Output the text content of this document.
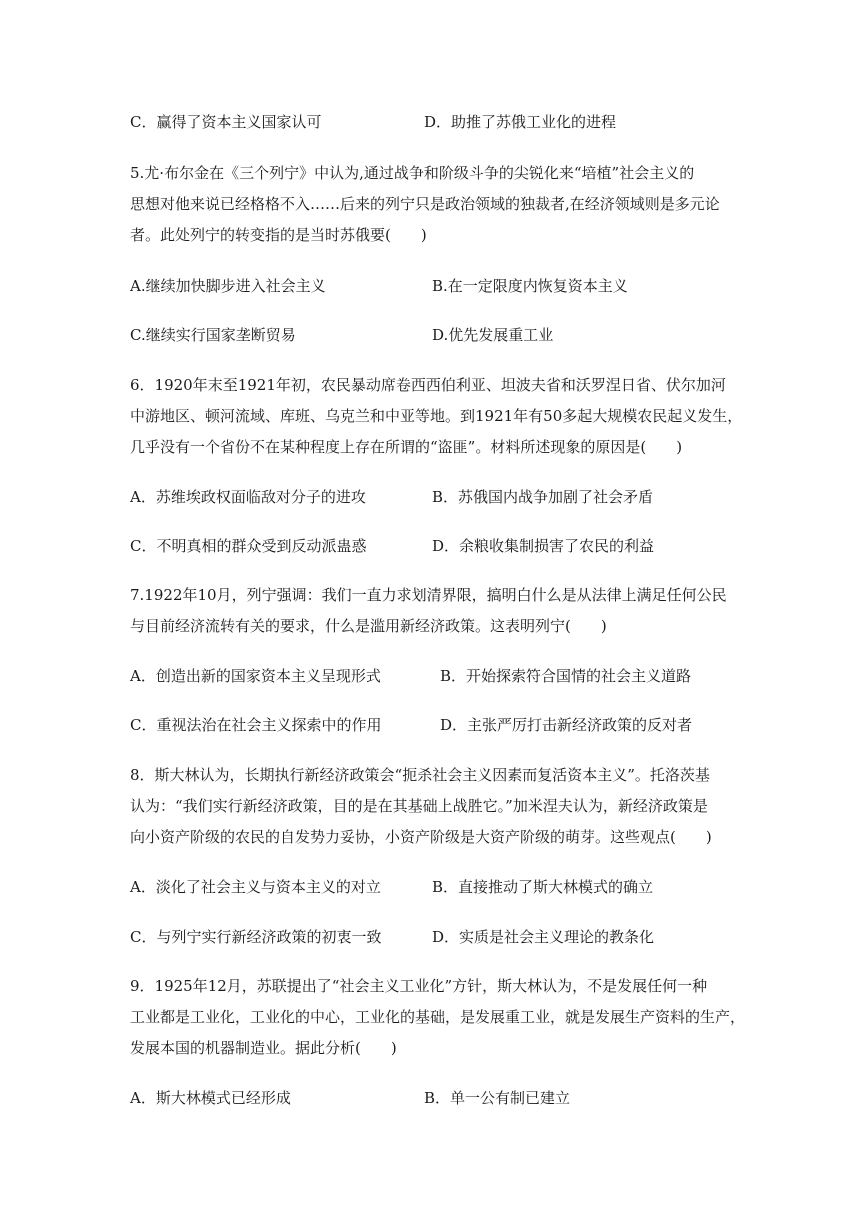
C．赢得了资本主义国家认可	D．助推了苏俄工业化的进程
5.尤·布尔金在《三个列宁》中认为,通过战争和阶级斗争的尖锐化来“培植”社会主义的
思想对他来说已经格格不入……后来的列宁只是政治领域的独裁者,在经济领域则是多元论
者。此处列宁的转变指的是当时苏俄要(　　)
A.继续加快脚步进入社会主义	B.在一定限度内恢复资本主义
C.继续实行国家垄断贸易	D.优先发展重工业
6．1920年末至1921年初，农民暴动席卷西西伯利亚、坦波夫省和沃罗涅日省、伏尔加河
中游地区、顿河流域、库班、乌克兰和中亚等地。到1921年有50多起大规模农民起义发生，
几乎没有一个省份不在某种程度上存在所谓的“盗匪”。材料所述现象的原因是(　　)
A．苏维埃政权面临敌对分子的进攻	B．苏俄国内战争加剧了社会矛盾
C．不明真相的群众受到反动派蛊惑	D．余粮收集制损害了农民的利益
7.1922年10月，列宁强调：我们一直力求划清界限，搞明白什么是从法律上满足任何公民
与目前经济流转有关的要求，什么是滥用新经济政策。这表明列宁(　　)
A．创造出新的国家资本主义呈现形式	B．开始探索符合国情的社会主义道路
C．重视法治在社会主义探索中的作用	D．主张严厉打击新经济政策的反对者
8．斯大林认为，长期执行新经济政策会“扼杀社会主义因素而复活资本主义”。托洛茨基
认为：“我们实行新经济政策，目的是在其基础上战胜它。”加米涅夫认为，新经济政策是
向小资产阶级的农民的自发势力妥协，小资产阶级是大资产阶级的萌芽。这些观点(　　)
A．淡化了社会主义与资本主义的对立	B．直接推动了斯大林模式的确立
C．与列宁实行新经济政策的初衷一致	D．实质是社会主义理论的教条化
9．1925年12月，苏联提出了“社会主义工业化”方针，斯大林认为，不是发展任何一种
工业都是工业化，工业化的中心，工业化的基础，是发展重工业，就是发展生产资料的生产，
发展本国的机器制造业。据此分析(　　)
A．斯大林模式已经形成	B．单一公有制已建立
